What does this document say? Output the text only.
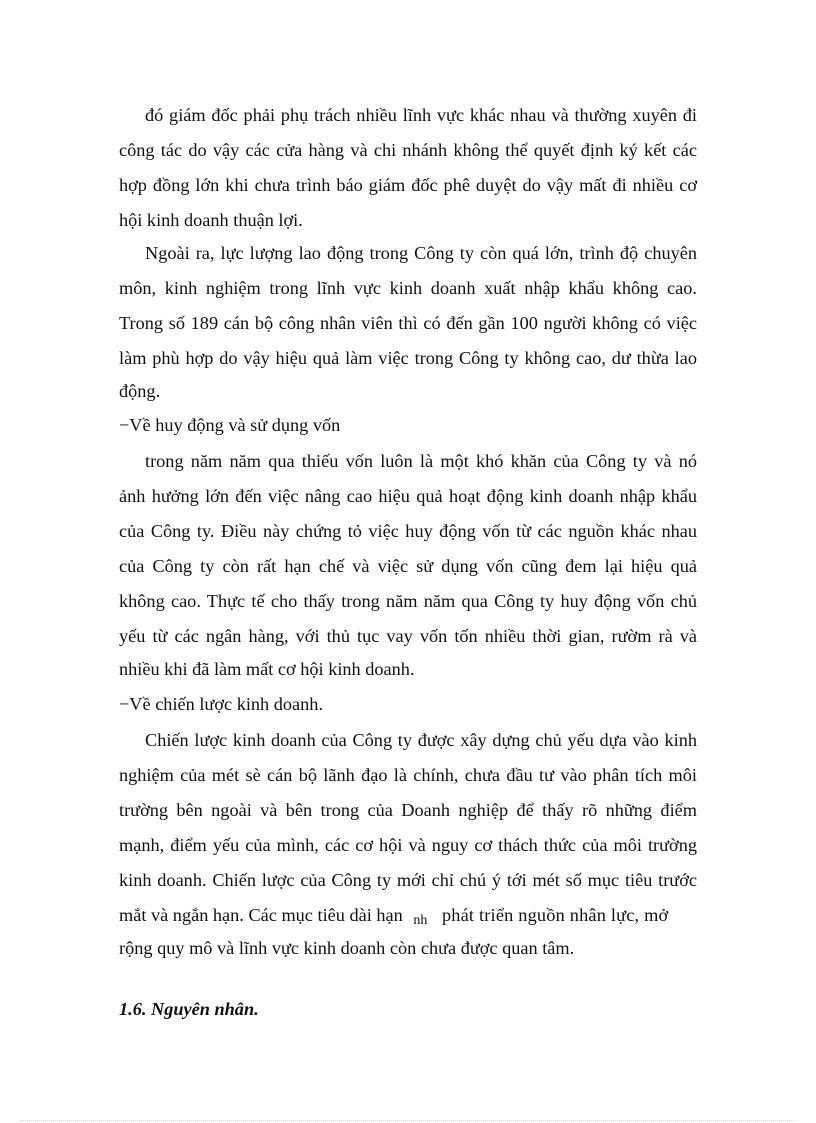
đó giám đốc phải phụ trách nhiều lĩnh vực khác nhau và thường xuyên đi
công tác do vậy các cửa hàng và chi nhánh không thể quyết định ký kết các
hợp đồng lớn khi chưa trình báo giám đốc phê duyệt do vậy mất đi nhiều cơ
hội kinh doanh thuận lợi.
Ngoài ra, lực lượng lao động trong Công ty còn quá lớn, trình độ chuyên
môn, kinh nghiệm trong lĩnh vực kinh doanh xuất nhập khẩu không cao.
Trong số 189 cán bộ công nhân viên thì có đến gần 100 người không có việc
làm phù hợp do vậy hiệu quả làm việc trong Công ty không cao, dư thừa lao
động.
−Về huy động và sử dụng vốn
trong năm năm qua thiếu vốn luôn là một khó khăn của Công ty và nó
ảnh hưởng lớn đến việc nâng cao hiệu quả hoạt động kinh doanh nhập khẩu
của Công ty. Điều này chứng tỏ việc huy động vốn từ các nguồn khác nhau
của Công ty còn rất hạn chế và việc sử dụng vốn cũng đem lại hiệu quả
không cao. Thực tế cho thấy trong năm năm qua Công ty huy động vốn chủ
yếu từ các ngân hàng, với thủ tục vay vốn tốn nhiều thời gian, rườm rà và
nhiều khi đã làm mất cơ hội kinh doanh.
−Về chiến lược kinh doanh.
Chiến lược kinh doanh của Công ty được xây dựng chủ yếu dựa vào kinh
nghiệm của mét sè cán bộ lãnh đạo là chính, chưa đầu tư vào phân tích môi
trường bên ngoài và bên trong của Doanh nghiệp để thấy rõ những điểm
mạnh, điểm yếu của mình, các cơ hội và nguy cơ thách thức của môi trường
kinh doanh. Chiến lược của Công ty mới chỉ chú ý tới mét số mục tiêu trước
mắt và ngắn hạn. Các mục tiêu dài hạn nh phát triển nguồn nhân lực, mở
rộng quy mô và lĩnh vực kinh doanh còn chưa được quan tâm.
1.6. Nguyên nhân.
